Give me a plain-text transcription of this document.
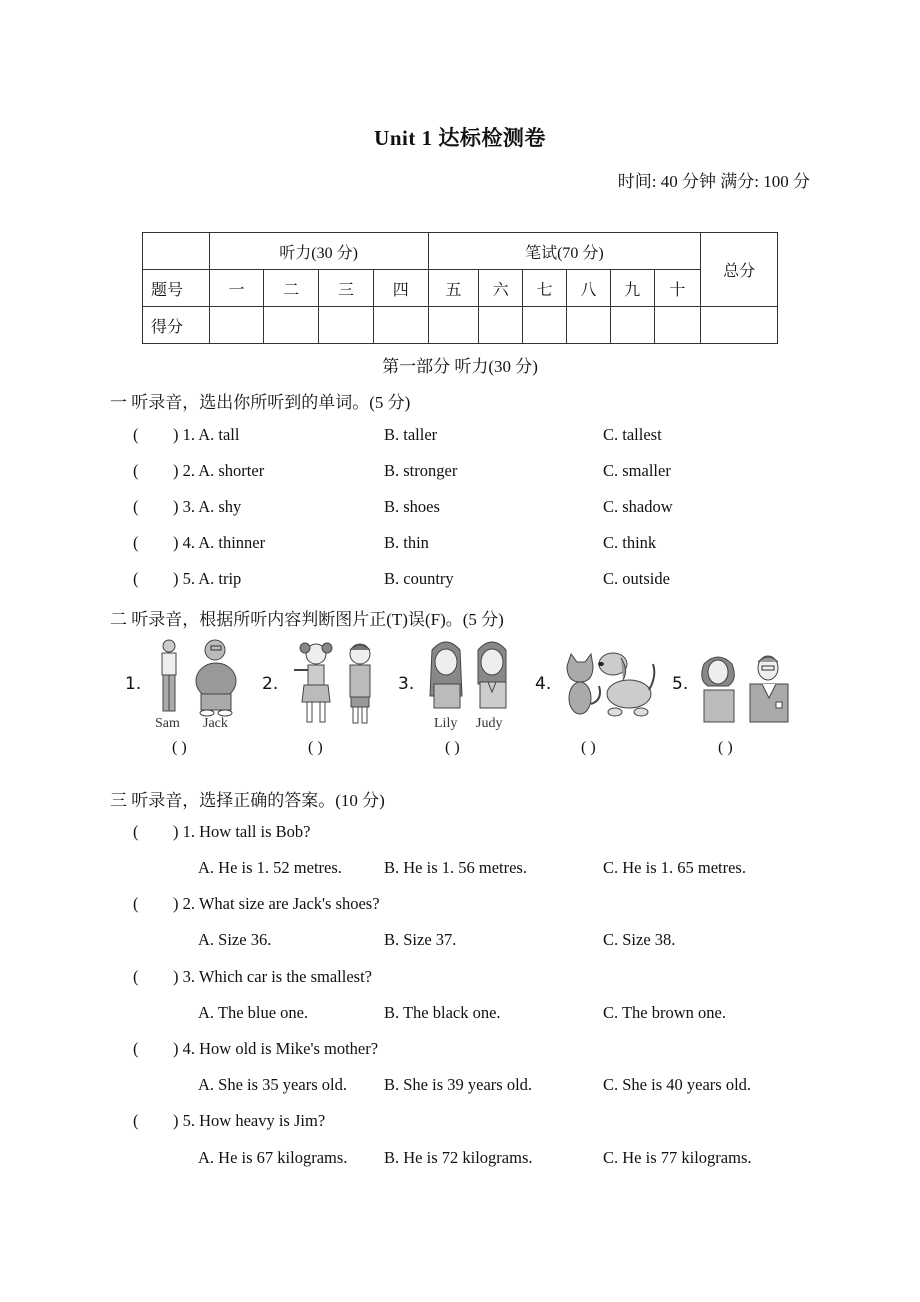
Unit 1 达标检测卷
时间: 40 分钟 满分: 100 分
	听力(30 分)				笔试(70 分)						总分
题号	一	二	三	四	五	六	七	八	九	十	
得分											
第一部分 听力(30 分)
一 听录音，选出你所听到的单词。(5 分)
( ) 1. A. tall	B. taller	C. tallest
( ) 2. A. shorter	B. stronger	C. smaller
( ) 3. A. shy	B. shoes	C. shadow
( ) 4. A. thinner	B. thin	C. think
( ) 5. A. trip	B. country	C. outside
二 听录音，根据所听内容判断图片正(T)误(F)。(5 分)
1.
Sam Jack
2.	3.
Lily Judy
4.	5.
( )	( )	( )	( )	( )
三 听录音，选择正确的答案。(10 分)
( ) 1. How tall is Bob?
A. He is 1. 52 metres.	B. He is 1. 56 metres.	C. He is 1. 65 metres.
( ) 2. What size are Jack's shoes?
A. Size 36.	B. Size 37.	C. Size 38.
( ) 3. Which car is the smallest?
A. The blue one.	B. The black one.	C. The brown one.
( ) 4. How old is Mike's mother?
A. She is 35 years old. B. She is 39 years old.	C. She is 40 years old.
( ) 5. How heavy is Jim?
A. He is 67 kilograms. B. He is 72 kilograms.	C. He is 77 kilograms.
